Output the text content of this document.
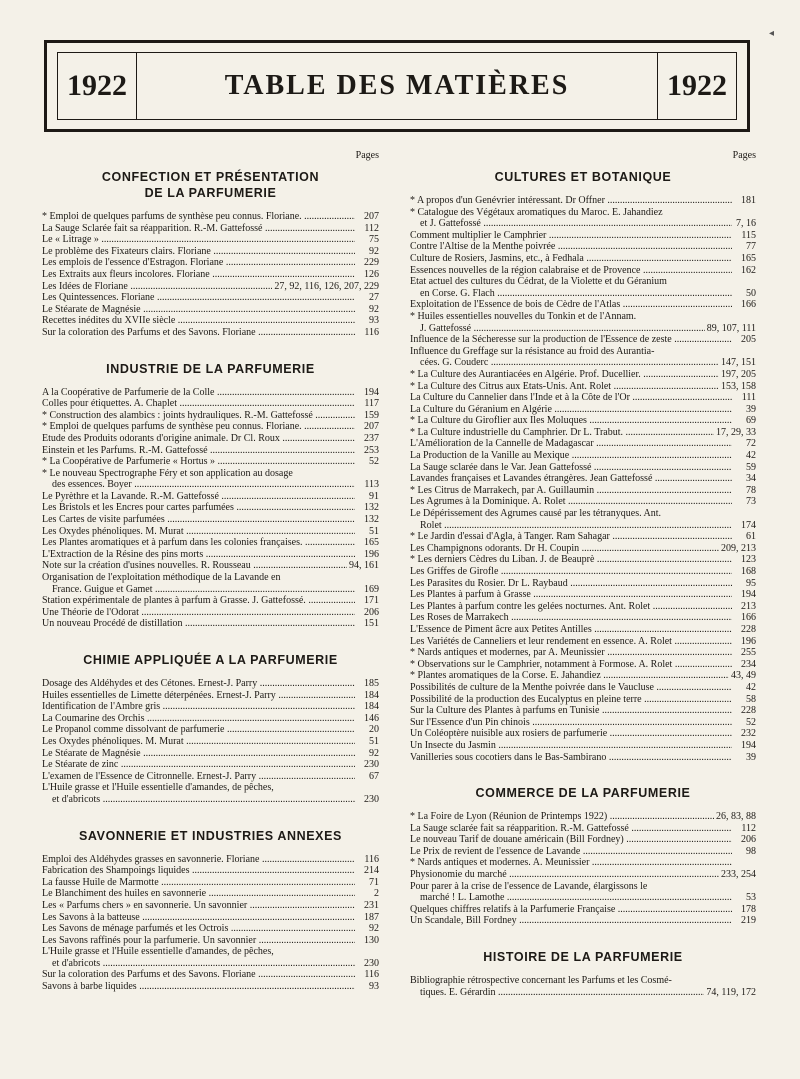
◂
1922	TABLE DES MATIÈRES	1922
Pages
CONFECTION ET PRÉSENTATION
DE LA PARFUMERIE
* Emploi de quelques parfums de synthèse peu connus. Floriane. .....	207
La Sauge Sclarée fait sa réapparition. R.-M. Gattefossé .....	112
Le « Litrage » .....	75
Le problème des Fixateurs clairs. Floriane .....	92
Les emplois de l'essence d'Estragon. Floriane .....	229
Les Extraits aux fleurs incolores. Floriane .....	126
Les Idées de Floriane .....	27, 92, 116, 126, 207, 229
Les Quintessences. Floriane .....	27
Le Stéarate de Magnésie .....	92
Recettes inédites du XVIIe siècle .....	93
Sur la coloration des Parfums et des Savons. Floriane .....	116
INDUSTRIE DE LA PARFUMERIE
A la Coopérative de Parfumerie de la Colle .....	194
Colles pour étiquettes. A. Chaplet .....	117
* Construction des alambics : joints hydrauliques. R.-M. Gattefossé .....	159
* Emploi de quelques parfums de synthèse peu connus. Floriane. .....	207
Etude des Produits odorants d'origine animale. Dr Cl. Roux .....	237
Einstein et les Parfums. R.-M. Gattefossé .....	253
* La Coopérative de Parfumerie « Hortus » .....	52
* Le nouveau Spectrographe Féry et son application au dosage
des essences. Boyer .....	113
Le Pyrèthre et la Lavande. R.-M. Gattefossé .....	91
Les Bristols et les Encres pour cartes parfumées .....	132
Les Cartes de visite parfumées .....	132
Les Oxydes phénoliques. M. Murat .....	51
Les Plantes aromatiques et à parfum dans les colonies françaises. .....	165
L'Extraction de la Résine des pins morts .....	196
Note sur la création d'usines nouvelles. R. Rousseau .....	94, 161
Organisation de l'exploitation méthodique de la Lavande en
France. Guigue et Gamet .....	169
Station expérimentale de plantes à parfum à Grasse. J. Gattefossé. .....	171
Une Théorie de l'Odorat .....	206
Un nouveau Procédé de distillation .....	151
CHIMIE APPLIQUÉE A LA PARFUMERIE
Dosage des Aldéhydes et des Cétones. Ernest-J. Parry .....	185
Huiles essentielles de Limette déterpénées. Ernest-J. Parry .....	184
Identification de l'Ambre gris .....	184
La Coumarine des Orchis .....	146
Le Propanol comme dissolvant de parfumerie .....	20
Les Oxydes phénoliques. M. Murat .....	51
Le Stéarate de Magnésie .....	92
Le Stéarate de zinc .....	230
L'examen de l'Essence de Citronnelle. Ernest-J. Parry .....	67
L'Huile grasse et l'Huile essentielle d'amandes, de pêches,
et d'abricots .....	230
SAVONNERIE ET INDUSTRIES ANNEXES
Emploi des Aldéhydes grasses en savonnerie. Floriane .....	116
Fabrication des Shampoings liquides .....	214
La fausse Huile de Marmotte .....	71
Le Blanchiment des huiles en savonnerie .....	2
Les « Parfums chers » en savonnerie. Un savonnier .....	231
Les Savons à la batteuse .....	187
Les Savons de ménage parfumés et les Octrois .....	92
Les Savons raffinés pour la parfumerie. Un savonnier .....	130
L'Huile grasse et l'Huile essentielle d'amandes, de pêches,
et d'abricots .....	230
Sur la coloration des Parfums et des Savons. Floriane .....	116
Savons à barbe liquides .....	93
Pages
CULTURES ET BOTANIQUE
* A propos d'un Genévrier intéressant. Dr Offner .....	181
* Catalogue des Végétaux aromatiques du Maroc. E. Jahandiez
et J. Gattefossé .....	7, 16
Comment multiplier le Camphrier .....	115
Contre l'Altise de la Menthe poivrée .....	77
Culture de Rosiers, Jasmins, etc., à Fedhala .....	165
Essences nouvelles de la région calabraise et de Provence .....	162
Etat actuel des cultures du Cédrat, de la Violette et du Géranium
en Corse. G. Flach .....	50
Exploitation de l'Essence de bois de Cèdre de l'Atlas .....	166
* Huiles essentielles nouvelles du Tonkin et de l'Annam.
J. Gattefossé .....	89, 107, 111
Influence de la Sécheresse sur la production de l'Essence de zeste .....	205
Influence du Greffage sur la résistance au froid des Aurantia-
cées. G. Couderc .....	147, 151
* La Culture des Aurantiacées en Algérie. Prof. Ducellier. .....	197, 205
* La Culture des Citrus aux Etats-Unis. Ant. Rolet .....	153, 158
La Culture du Cannelier dans l'Inde et à la Côte de l'Or .....	111
La Culture du Géranium en Algérie .....	39
* La Culture du Giroflier aux Iles Moluques .....	69
* La Culture industrielle du Camphrier. Dr L. Trabut. .....	17, 29, 33
L'Amélioration de la Cannelle de Madagascar .....	72
La Production de la Vanille au Mexique .....	42
La Sauge sclarée dans le Var. Jean Gattefossé .....	59
Lavandes françaises et Lavandes étrangères. Jean Gattefossé .....	34
* Les Citrus de Marrakech, par A. Guillaumin .....	78
Les Agrumes à la Dominique. A. Rolet .....	73
Le Dépérissement des Agrumes causé par les tétranyques. Ant.
Rolet .....	174
* Le Jardin d'essai d'Agla, à Tanger. Ram Sahagar .....	61
Les Champignons odorants. Dr H. Coupin .....	209, 213
* Les derniers Cèdres du Liban. J. de Beauprè .....	123
Les Griffes de Girofle .....	168
Les Parasites du Rosier. Dr L. Raybaud .....	95
Les Plantes à parfum à Grasse .....	194
Les Plantes à parfum contre les gelées nocturnes. Ant. Rolet .....	213
Les Roses de Marrakech .....	166
L'Essence de Piment âcre aux Petites Antilles .....	228
Les Variétés de Canneliers et leur rendement en essence. A. Rolet .....	196
* Nards antiques et modernes, par A. Meunissier .....	255
* Observations sur le Camphrier, notamment à Formose. A. Rolet .....	234
* Plantes aromatiques de la Corse. E. Jahandiez .....	43, 49
Possibilités de culture de la Menthe poivrée dans le Vaucluse .....	42
Possibilité de la production des Eucalyptus en pleine terre .....	58
Sur la Culture des Plantes à parfums en Tunisie .....	228
Sur l'Essence d'un Pin chinois .....	52
Un Coléoptère nuisible aux rosiers de parfumerie .....	232
Un Insecte du Jasmin .....	194
Vanilleries sous cocotiers dans le Bas-Sambirano .....	39
COMMERCE DE LA PARFUMERIE
* La Foire de Lyon (Réunion de Printemps 1922) .....	26, 83, 88
La Sauge sclarée fait sa réapparition. R.-M. Gattefossé .....	112
Le nouveau Tarif de douane américain (Bill Fordney) .....	206
Le Prix de revient de l'essence de Lavande .....	98
* Nards antiques et modernes. A. Meunissier .....
Physionomie du marché .....	233, 254
Pour parer à la crise de l'essence de Lavande, élargissons le
marché ! L. Lamothe .....	53
Quelques chiffres relatifs à la Parfumerie Française .....	178
Un Scandale, Bill Fordney .....	219
HISTOIRE DE LA PARFUMERIE
Bibliographie rétrospective concernant les Parfums et les Cosmé-
tiques. E. Gérardin .....	74, 119, 172
